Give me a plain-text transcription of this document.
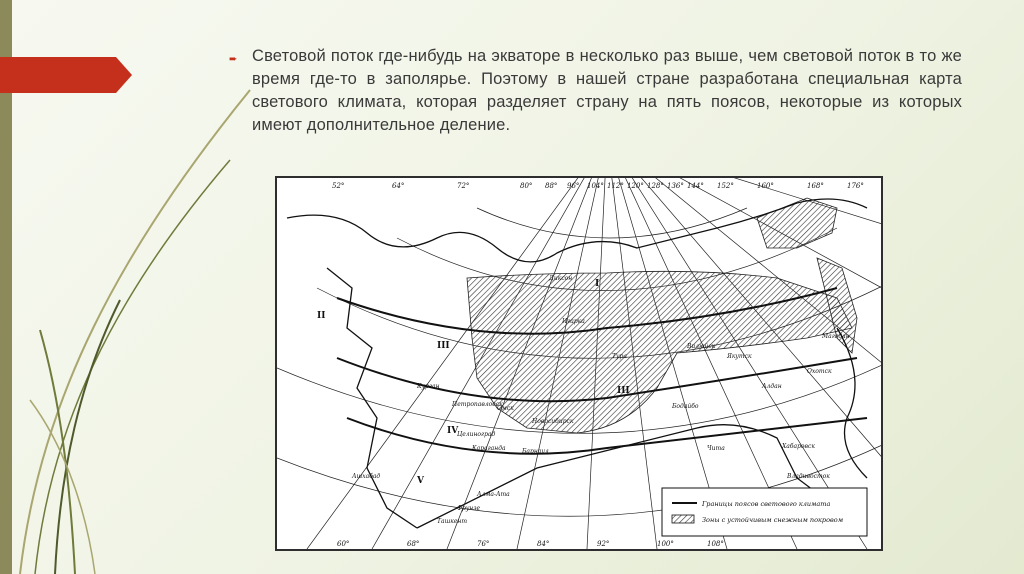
➨ Световой поток где-нибудь на экваторе в несколько раз выше, чем световой поток в то же время где-то в заполярье. Поэтому в нашей стране разработана специальная карта светового климата, которая разделяет страну на пять поясов, некоторые из которых имеют дополнительное деление.

52°	64°	72°	80° 88° 96° 104° 112° 120° 128° 136° 144° 152°	160°	168°	176°
60°	68°	76°	84°	92°	100°	108°
I
II
III
III
IV
V
Диксон
Игарка
Тура
Вилюйск
Якутск
Бодайбо
Алдан
Охотск
Магадан
Хабаровск
Владивосток
Чита
Курган
Омск
Новосибирск
Барнаул
Петропавловск
Целиноград
Караганда
Алма-Ата
Фрунзе
Ташкент
Ашхабад
Границы поясов светового климата
Зоны с устойчивым снежным покровом
